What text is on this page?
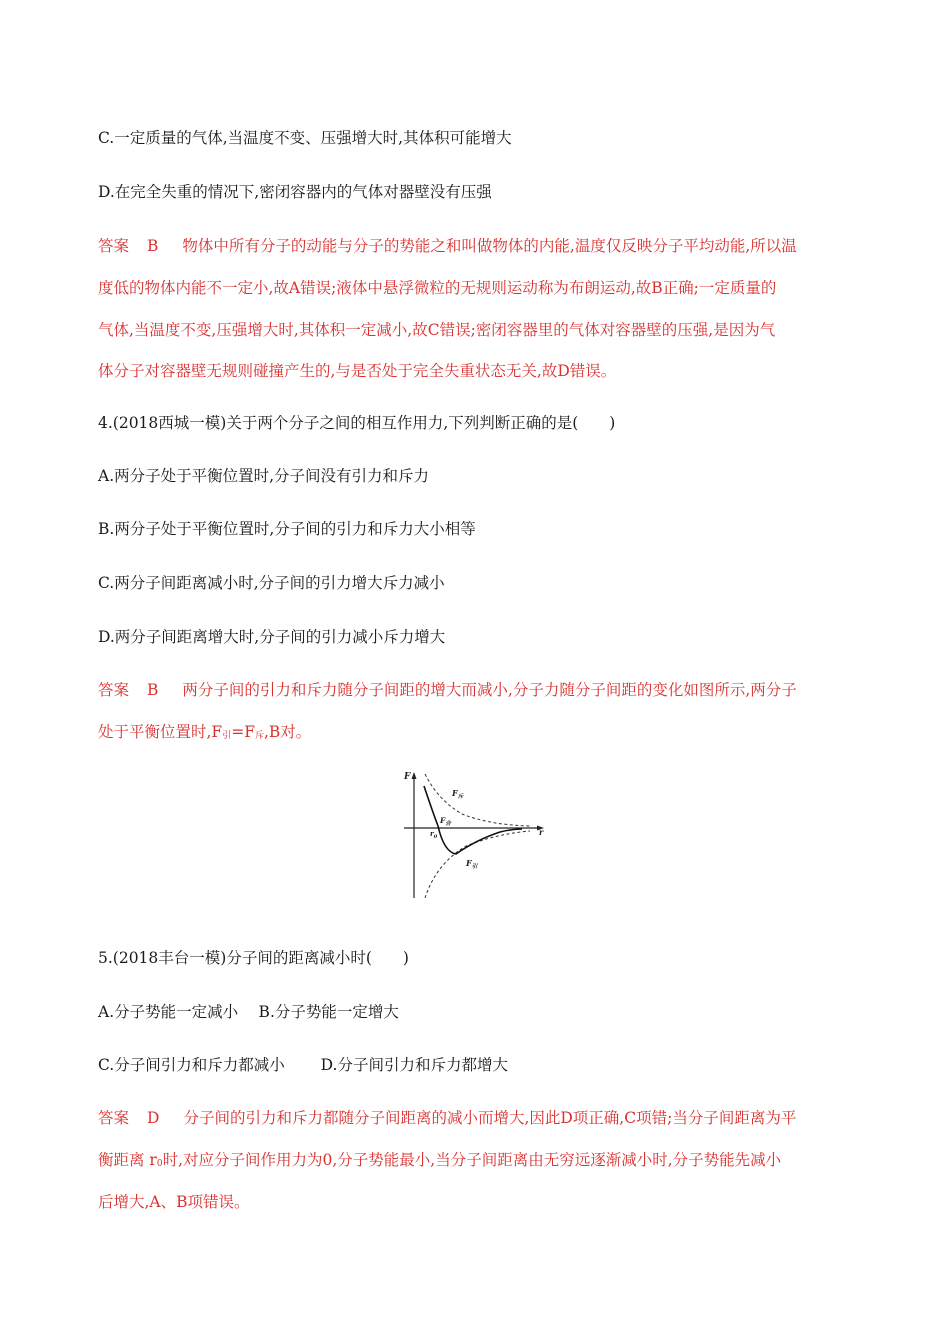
C.一定质量的气体,当温度不变、压强增大时,其体积可能增大
D.在完全失重的情况下,密闭容器内的气体对器壁没有压强
答案 B 物体中所有分子的动能与分子的势能之和叫做物体的内能,温度仅反映分子平均动能,所以温
度低的物体内能不一定小,故A错误;液体中悬浮微粒的无规则运动称为布朗运动,故B正确;一定质量的
气体,当温度不变,压强增大时,其体积一定减小,故C错误;密闭容器里的气体对容器壁的压强,是因为气
体分子对容器壁无规则碰撞产生的,与是否处于完全失重状态无关,故D错误。
4.(2018西城一模)关于两个分子之间的相互作用力,下列判断正确的是(　　)
A.两分子处于平衡位置时,分子间没有引力和斥力
B.两分子处于平衡位置时,分子间的引力和斥力大小相等
C.两分子间距离减小时,分子间的引力增大斥力减小
D.两分子间距离增大时,分子间的引力减小斥力增大
答案 B 两分子间的引力和斥力随分子间距的增大而减小,分子力随分子间距的变化如图所示,两分子
处于平衡位置时$,F_引=F_斥,B$对。
F
r
$F_斥$
$F_合$
$r_0$
$F_引$
5.(2018丰台一模)分子间的距离减小时(　　)
A.分子势能一定减小　 B.分子势能一定增大
C.分子间引力和斥力都减小　　 D.分子间引力和斥力都增大
答案 D 分子间的引力和斥力都随分子间距离的减小而增大,因此D项正确,C项错;当分子间距离为平
衡距离 $r_0$时,对应分子间作用力为0,分子势能最小,当分子间距离由无穷远逐渐减小时,分子势能先减小
后增大,A、B项错误。
